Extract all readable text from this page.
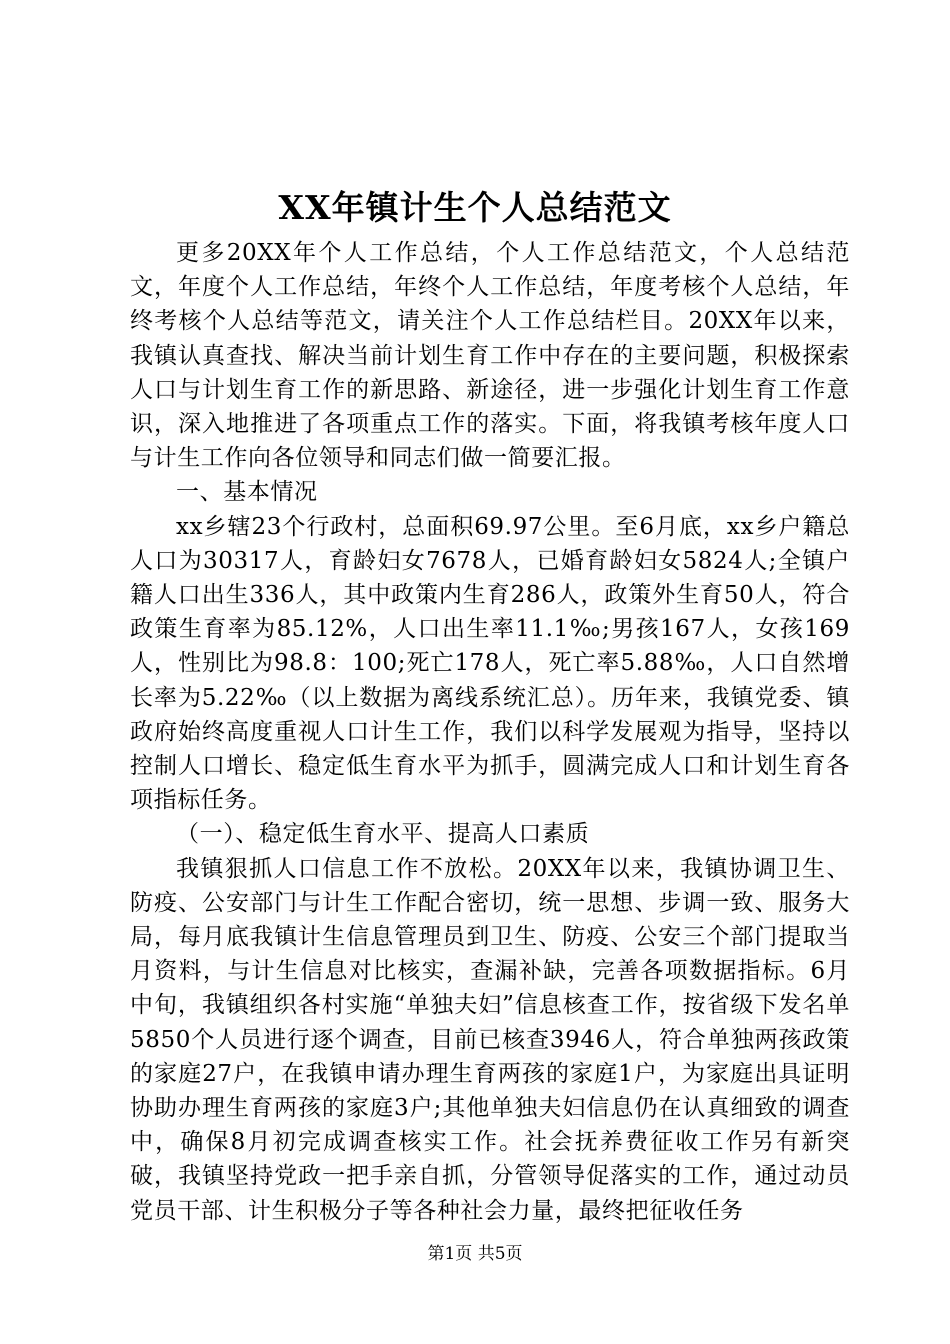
XX年镇计生个人总结范文

更多20XX年个人工作总结，个人工作总结范文，个人总结范文，年度个人工作总结，年终个人工作总结，年度考核个人总结，年终考核个人总结等范文，请关注个人工作总结栏目。20XX年以来，我镇认真查找、解决当前计划生育工作中存在的主要问题，积极探索人口与计划生育工作的新思路、新途径，进一步强化计划生育工作意识，深入地推进了各项重点工作的落实。下面，将我镇考核年度人口与计生工作向各位领导和同志们做一简要汇报。

一、基本情况

xx乡辖23个行政村，总面积69.97公里。至6月底，xx乡户籍总人口为30317人，育龄妇女7678人，已婚育龄妇女5824人;全镇户籍人口出生336人，其中政策内生育286人，政策外生育50人，符合政策生育率为85.12%，人口出生率11.1‰;男孩167人，女孩169人，性别比为98.8：100;死亡178人，死亡率5.88‰，人口自然增长率为5.22‰（以上数据为离线系统汇总）。历年来，我镇党委、镇政府始终高度重视人口计生工作，我们以科学发展观为指导，坚持以控制人口增长、稳定低生育水平为抓手，圆满完成人口和计划生育各项指标任务。

（一）、稳定低生育水平、提高人口素质

我镇狠抓人口信息工作不放松。20XX年以来，我镇协调卫生、防疫、公安部门与计生工作配合密切，统一思想、步调一致、服务大局，每月底我镇计生信息管理员到卫生、防疫、公安三个部门提取当月资料，与计生信息对比核实，查漏补缺，完善各项数据指标。6月中旬，我镇组织各村实施“单独夫妇”信息核查工作，按省级下发名单5850个人员进行逐个调查，目前已核查3946人，符合单独两孩政策的家庭27户，在我镇申请办理生育两孩的家庭1户，为家庭出具证明协助办理生育两孩的家庭3户;其他单独夫妇信息仍在认真细致的调查中，确保8月初完成调查核实工作。社会抚养费征收工作另有新突破，我镇坚持党政一把手亲自抓，分管领导促落实的工作，通过动员党员干部、计生积极分子等各种社会力量，最终把征收任务

第1页 共5页
